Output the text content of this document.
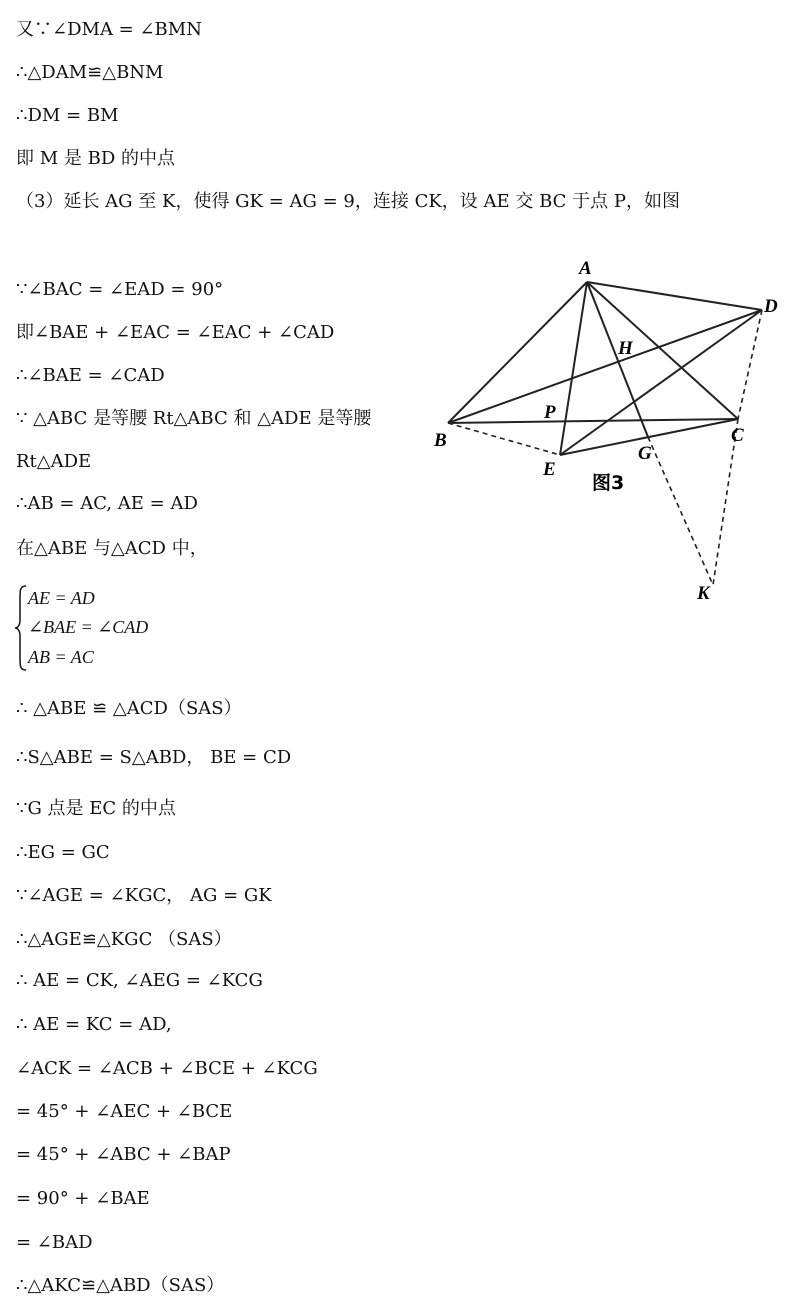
又∵∠DMA = ∠BMN
∴△DAM≌△BNM
∴DM = BM
即 M 是 BD 的中点
（3）延长 AG 至 K，使得 GK = AG = 9，连接 CK，设 AE 交 BC 于点 P，如图
∵∠BAC = ∠EAD = 90°
即∠BAE + ∠EAC = ∠EAC + ∠CAD
∴∠BAE = ∠CAD
∵ △ABC 是等腰 Rt△ABC 和 △ADE 是等腰
Rt△ADE
∴AB = AC, AE = AD
在△ABE 与△ACD 中，
AE = AD
∠BAE = ∠CAD
AB = AC
∴ △ABE ≌ △ACD（SAS）
∴S△ABE = S△ABD， BE = CD
∵G 点是 EC 的中点
∴EG = GC
∵∠AGE = ∠KGC， AG = GK
∴△AGE≌△KGC （SAS）
∴ AE = CK, ∠AEG = ∠KCG
∴ AE = KC = AD,
∠ACK = ∠ACB + ∠BCE + ∠KCG
= 45° + ∠AEC + ∠BCE
= 45° + ∠ABC + ∠BAP
= 90° + ∠BAE
= ∠BAD
∴△AKC≌△ABD（SAS）
A
D
H
P
B	C
E
G
K
图3
